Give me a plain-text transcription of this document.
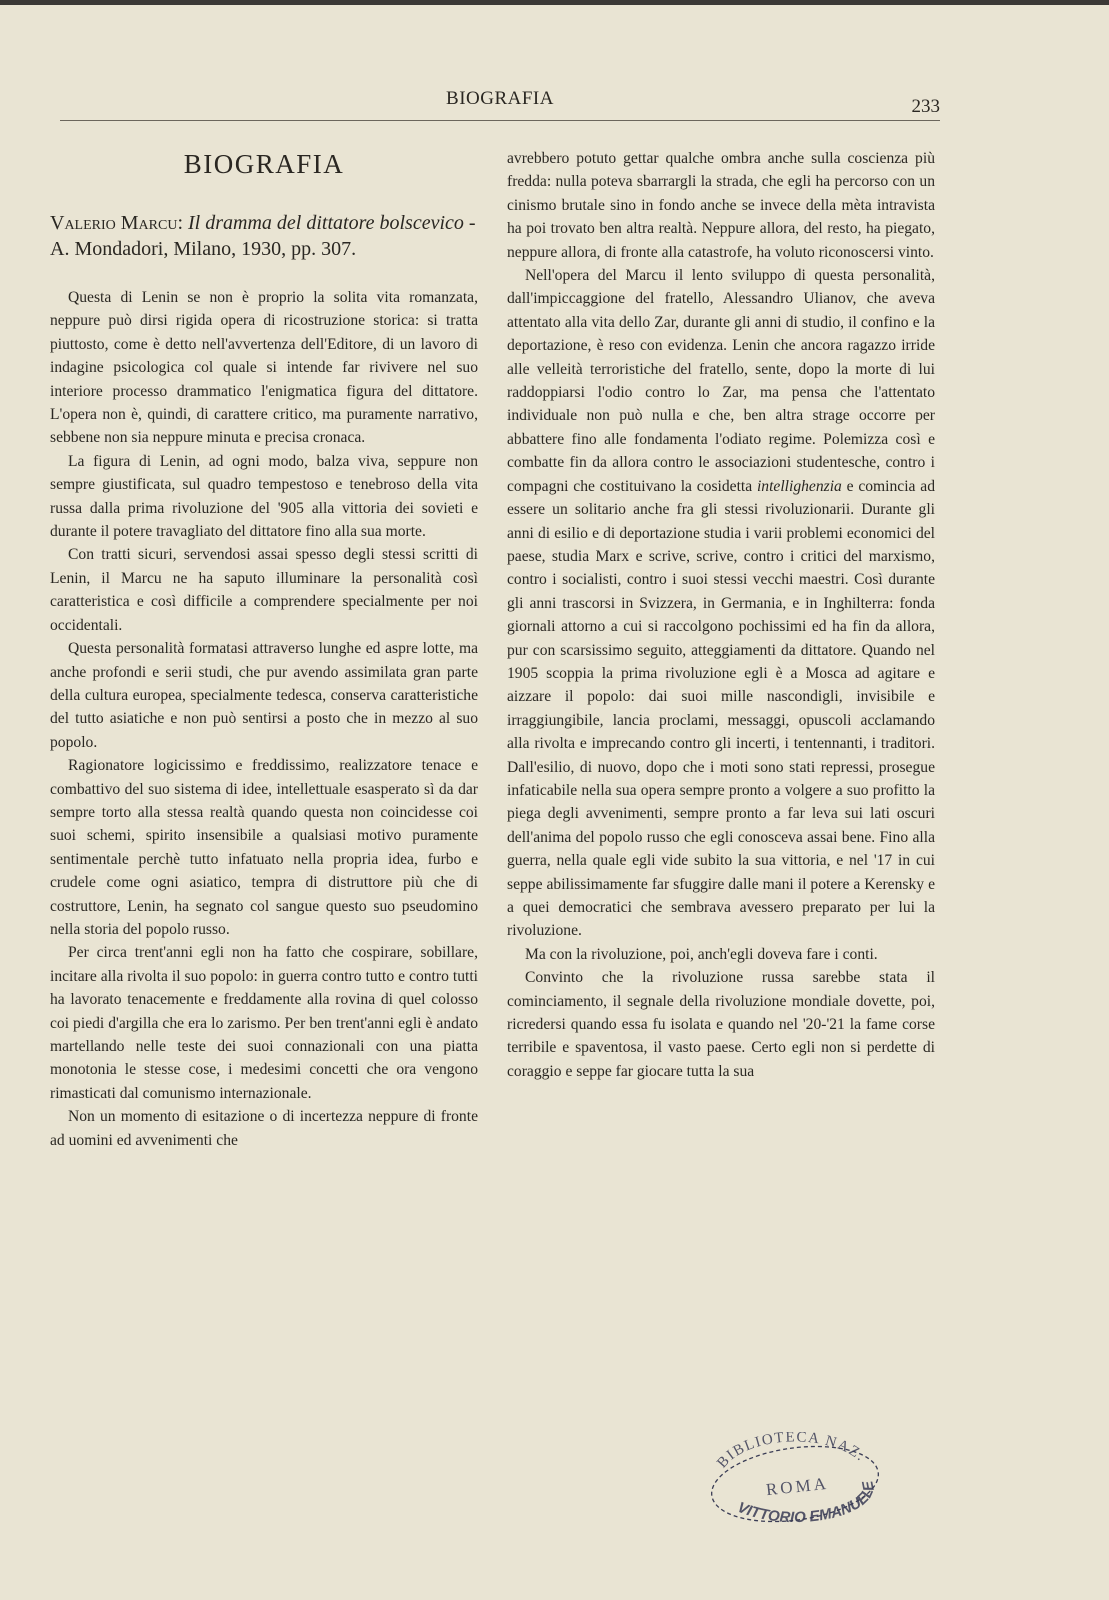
BIOGRAFIA	233
BIOGRAFIA
Valerio Marcu: Il dramma del dittatore bolscevico - A. Mondadori, Milano, 1930, pp. 307.

Questa di Lenin se non è proprio la solita vita romanzata, neppure può dirsi rigida opera di ricostruzione storica: si tratta piuttosto, come è detto nell'avvertenza dell'Editore, di un lavoro di indagine psicologica col quale si intende far rivivere nel suo interiore processo drammatico l'enigmatica figura del dittatore. L'opera non è, quindi, di carattere critico, ma puramente narrativo, sebbene non sia neppure minuta e precisa cronaca.

La figura di Lenin, ad ogni modo, balza viva, seppure non sempre giustificata, sul quadro tempestoso e tenebroso della vita russa dalla prima rivoluzione del '905 alla vittoria dei sovieti e durante il potere travagliato del dittatore fino alla sua morte.

Con tratti sicuri, servendosi assai spesso degli stessi scritti di Lenin, il Marcu ne ha saputo illuminare la personalità così caratteristica e così difficile a comprendere specialmente per noi occidentali.

Questa personalità formatasi attraverso lunghe ed aspre lotte, ma anche profondi e serii studi, che pur avendo assimilata gran parte della cultura europea, specialmente tedesca, conserva caratteristiche del tutto asiatiche e non può sentirsi a posto che in mezzo al suo popolo.

Ragionatore logicissimo e freddissimo, realizzatore tenace e combattivo del suo sistema di idee, intellettuale esasperato sì da dar sempre torto alla stessa realtà quando questa non coincidesse coi suoi schemi, spirito insensibile a qualsiasi motivo puramente sentimentale perchè tutto infatuato nella propria idea, furbo e crudele come ogni asiatico, tempra di distruttore più che di costruttore, Lenin, ha segnato col sangue questo suo pseudomino nella storia del popolo russo.

Per circa trent'anni egli non ha fatto che cospirare, sobillare, incitare alla rivolta il suo popolo: in guerra contro tutto e contro tutti ha lavorato tenacemente e freddamente alla rovina di quel colosso coi piedi d'argilla che era lo zarismo. Per ben trent'anni egli è andato martellando nelle teste dei suoi connazionali con una piatta monotonia le stesse cose, i medesimi concetti che ora vengono rimasticati dal comunismo internazionale.

Non un momento di esitazione o di incertezza neppure di fronte ad uomini ed avvenimenti che

avrebbero potuto gettar qualche ombra anche sulla coscienza più fredda: nulla poteva sbarrargli la strada, che egli ha percorso con un cinismo brutale sino in fondo anche se invece della mèta intravista ha poi trovato ben altra realtà. Neppure allora, del resto, ha piegato, neppure allora, di fronte alla catastrofe, ha voluto riconoscersi vinto.

Nell'opera del Marcu il lento sviluppo di questa personalità, dall'impiccaggione del fratello, Alessandro Ulianov, che aveva attentato alla vita dello Zar, durante gli anni di studio, il confino e la deportazione, è reso con evidenza. Lenin che ancora ragazzo irride alle velleità terroristiche del fratello, sente, dopo la morte di lui raddoppiarsi l'odio contro lo Zar, ma pensa che l'attentato individuale non può nulla e che, ben altra strage occorre per abbattere fino alle fondamenta l'odiato regime. Polemizza così e combatte fin da allora contro le associazioni studentesche, contro i compagni che costituivano la cosidetta intellighenzia e comincia ad essere un solitario anche fra gli stessi rivoluzionarii. Durante gli anni di esilio e di deportazione studia i varii problemi economici del paese, studia Marx e scrive, scrive, contro i critici del marxismo, contro i socialisti, contro i suoi stessi vecchi maestri. Così durante gli anni trascorsi in Svizzera, in Germania, e in Inghilterra: fonda giornali attorno a cui si raccolgono pochissimi ed ha fin da allora, pur con scarsissimo seguito, atteggiamenti da dittatore. Quando nel 1905 scoppia la prima rivoluzione egli è a Mosca ad agitare e aizzare il popolo: dai suoi mille nascondigli, invisibile e irraggiungibile, lancia proclami, messaggi, opuscoli acclamando alla rivolta e imprecando contro gli incerti, i tentennanti, i traditori. Dall'esilio, di nuovo, dopo che i moti sono stati repressi, prosegue infaticabile nella sua opera sempre pronto a volgere a suo profitto la piega degli avvenimenti, sempre pronto a far leva sui lati oscuri dell'anima del popolo russo che egli conosceva assai bene. Fino alla guerra, nella quale egli vide subito la sua vittoria, e nel '17 in cui seppe abilissimamente far sfuggire dalle mani il potere a Kerensky e a quei democratici che sembrava avessero preparato per lui la rivoluzione.

Ma con la rivoluzione, poi, anch'egli doveva fare i conti.

Convinto che la rivoluzione russa sarebbe stata il cominciamento, il segnale della rivoluzione mondiale dovette, poi, ricredersi quando essa fu isolata e quando nel '20-'21 la fame corse terribile e spaventosa, il vasto paese. Certo egli non si perdette di coraggio e seppe far giocare tutta la sua

BIBLIOTECA NAZ.
ROMA
VITTORIO EMANUELE
